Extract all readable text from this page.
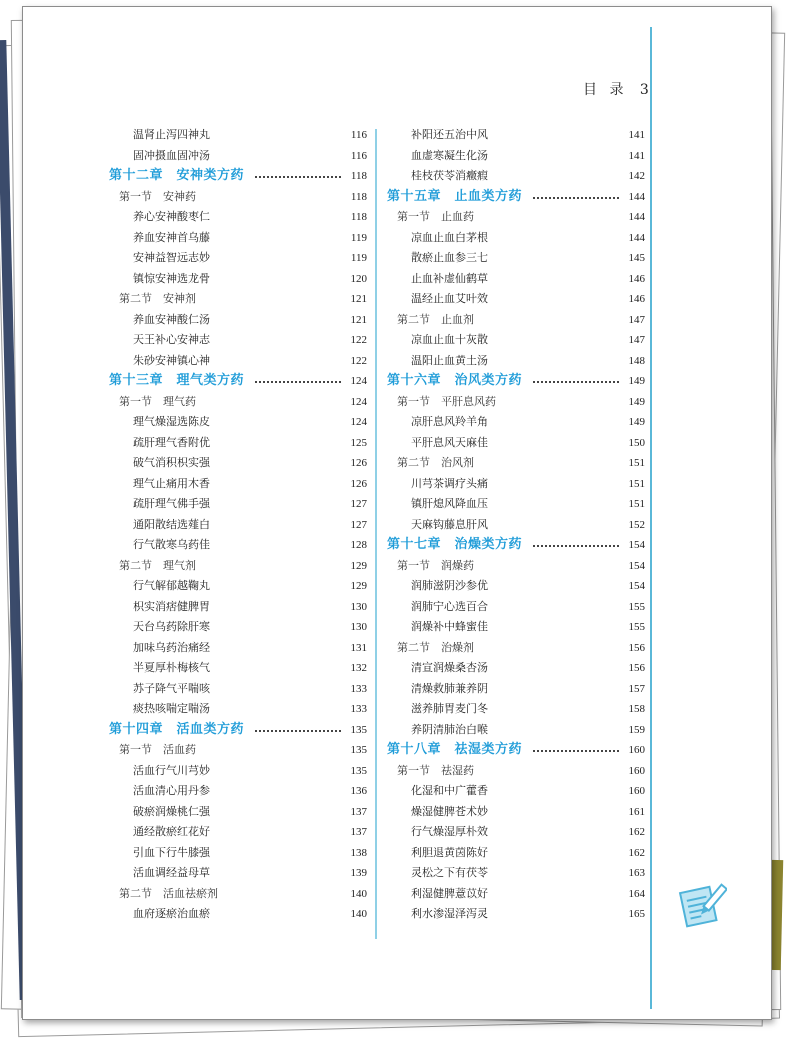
目 录 3
温肾止泻四神丸	116
固冲摄血固冲汤	116
第十二章　安神类方药	118
第一节　安神药	118
养心安神酸枣仁	118
养血安神首乌藤	119
安神益智远志妙	119
镇惊安神选龙骨	120
第二节　安神剂	121
养血安神酸仁汤	121
天王补心安神志	122
朱砂安神镇心神	122
第十三章　理气类方药	124
第一节　理气药	124
理气燥湿选陈皮	124
疏肝理气香附优	125
破气消积枳实强	126
理气止痛用木香	126
疏肝理气佛手强	127
通阳散结选薤白	127
行气散寒乌药佳	128
第二节　理气剂	129
行气解郁越鞠丸	129
枳实消痞健脾胃	130
天台乌药除肝寒	130
加味乌药治痛经	131
半夏厚朴梅核气	132
苏子降气平喘咳	133
痰热咳喘定喘汤	133
第十四章　活血类方药	135
第一节　活血药	135
活血行气川芎妙	135
活血清心用丹参	136
破瘀润燥桃仁强	137
通经散瘀红花好	137
引血下行牛膝强	138
活血调经益母草	139
第二节　活血祛瘀剂	140
血府逐瘀治血瘀	140
补阳还五治中风	141
血虚寒凝生化汤	141
桂枝茯苓消癥瘕	142
第十五章　止血类方药	144
第一节　止血药	144
凉血止血白茅根	144
散瘀止血参三七	145
止血补虚仙鹤草	146
温经止血艾叶效	146
第二节　止血剂	147
凉血止血十灰散	147
温阳止血黄土汤	148
第十六章　治风类方药	149
第一节　平肝息风药	149
凉肝息风羚羊角	149
平肝息风天麻佳	150
第二节　治风剂	151
川芎茶调疗头痛	151
镇肝熄风降血压	151
天麻钩藤息肝风	152
第十七章　治燥类方药	154
第一节　润燥药	154
润肺滋阴沙参优	154
润肺宁心选百合	155
润燥补中蜂蜜佳	155
第二节　治燥剂	156
清宣润燥桑杏汤	156
清燥救肺兼养阴	157
滋养肺胃麦门冬	158
养阴清肺治白喉	159
第十八章　祛湿类方药	160
第一节　祛湿药	160
化湿和中广藿香	160
燥湿健脾苍术妙	161
行气燥湿厚朴效	162
利胆退黄茵陈好	162
灵松之下有茯苓	163
利湿健脾薏苡好	164
利水渗湿泽泻灵	165
